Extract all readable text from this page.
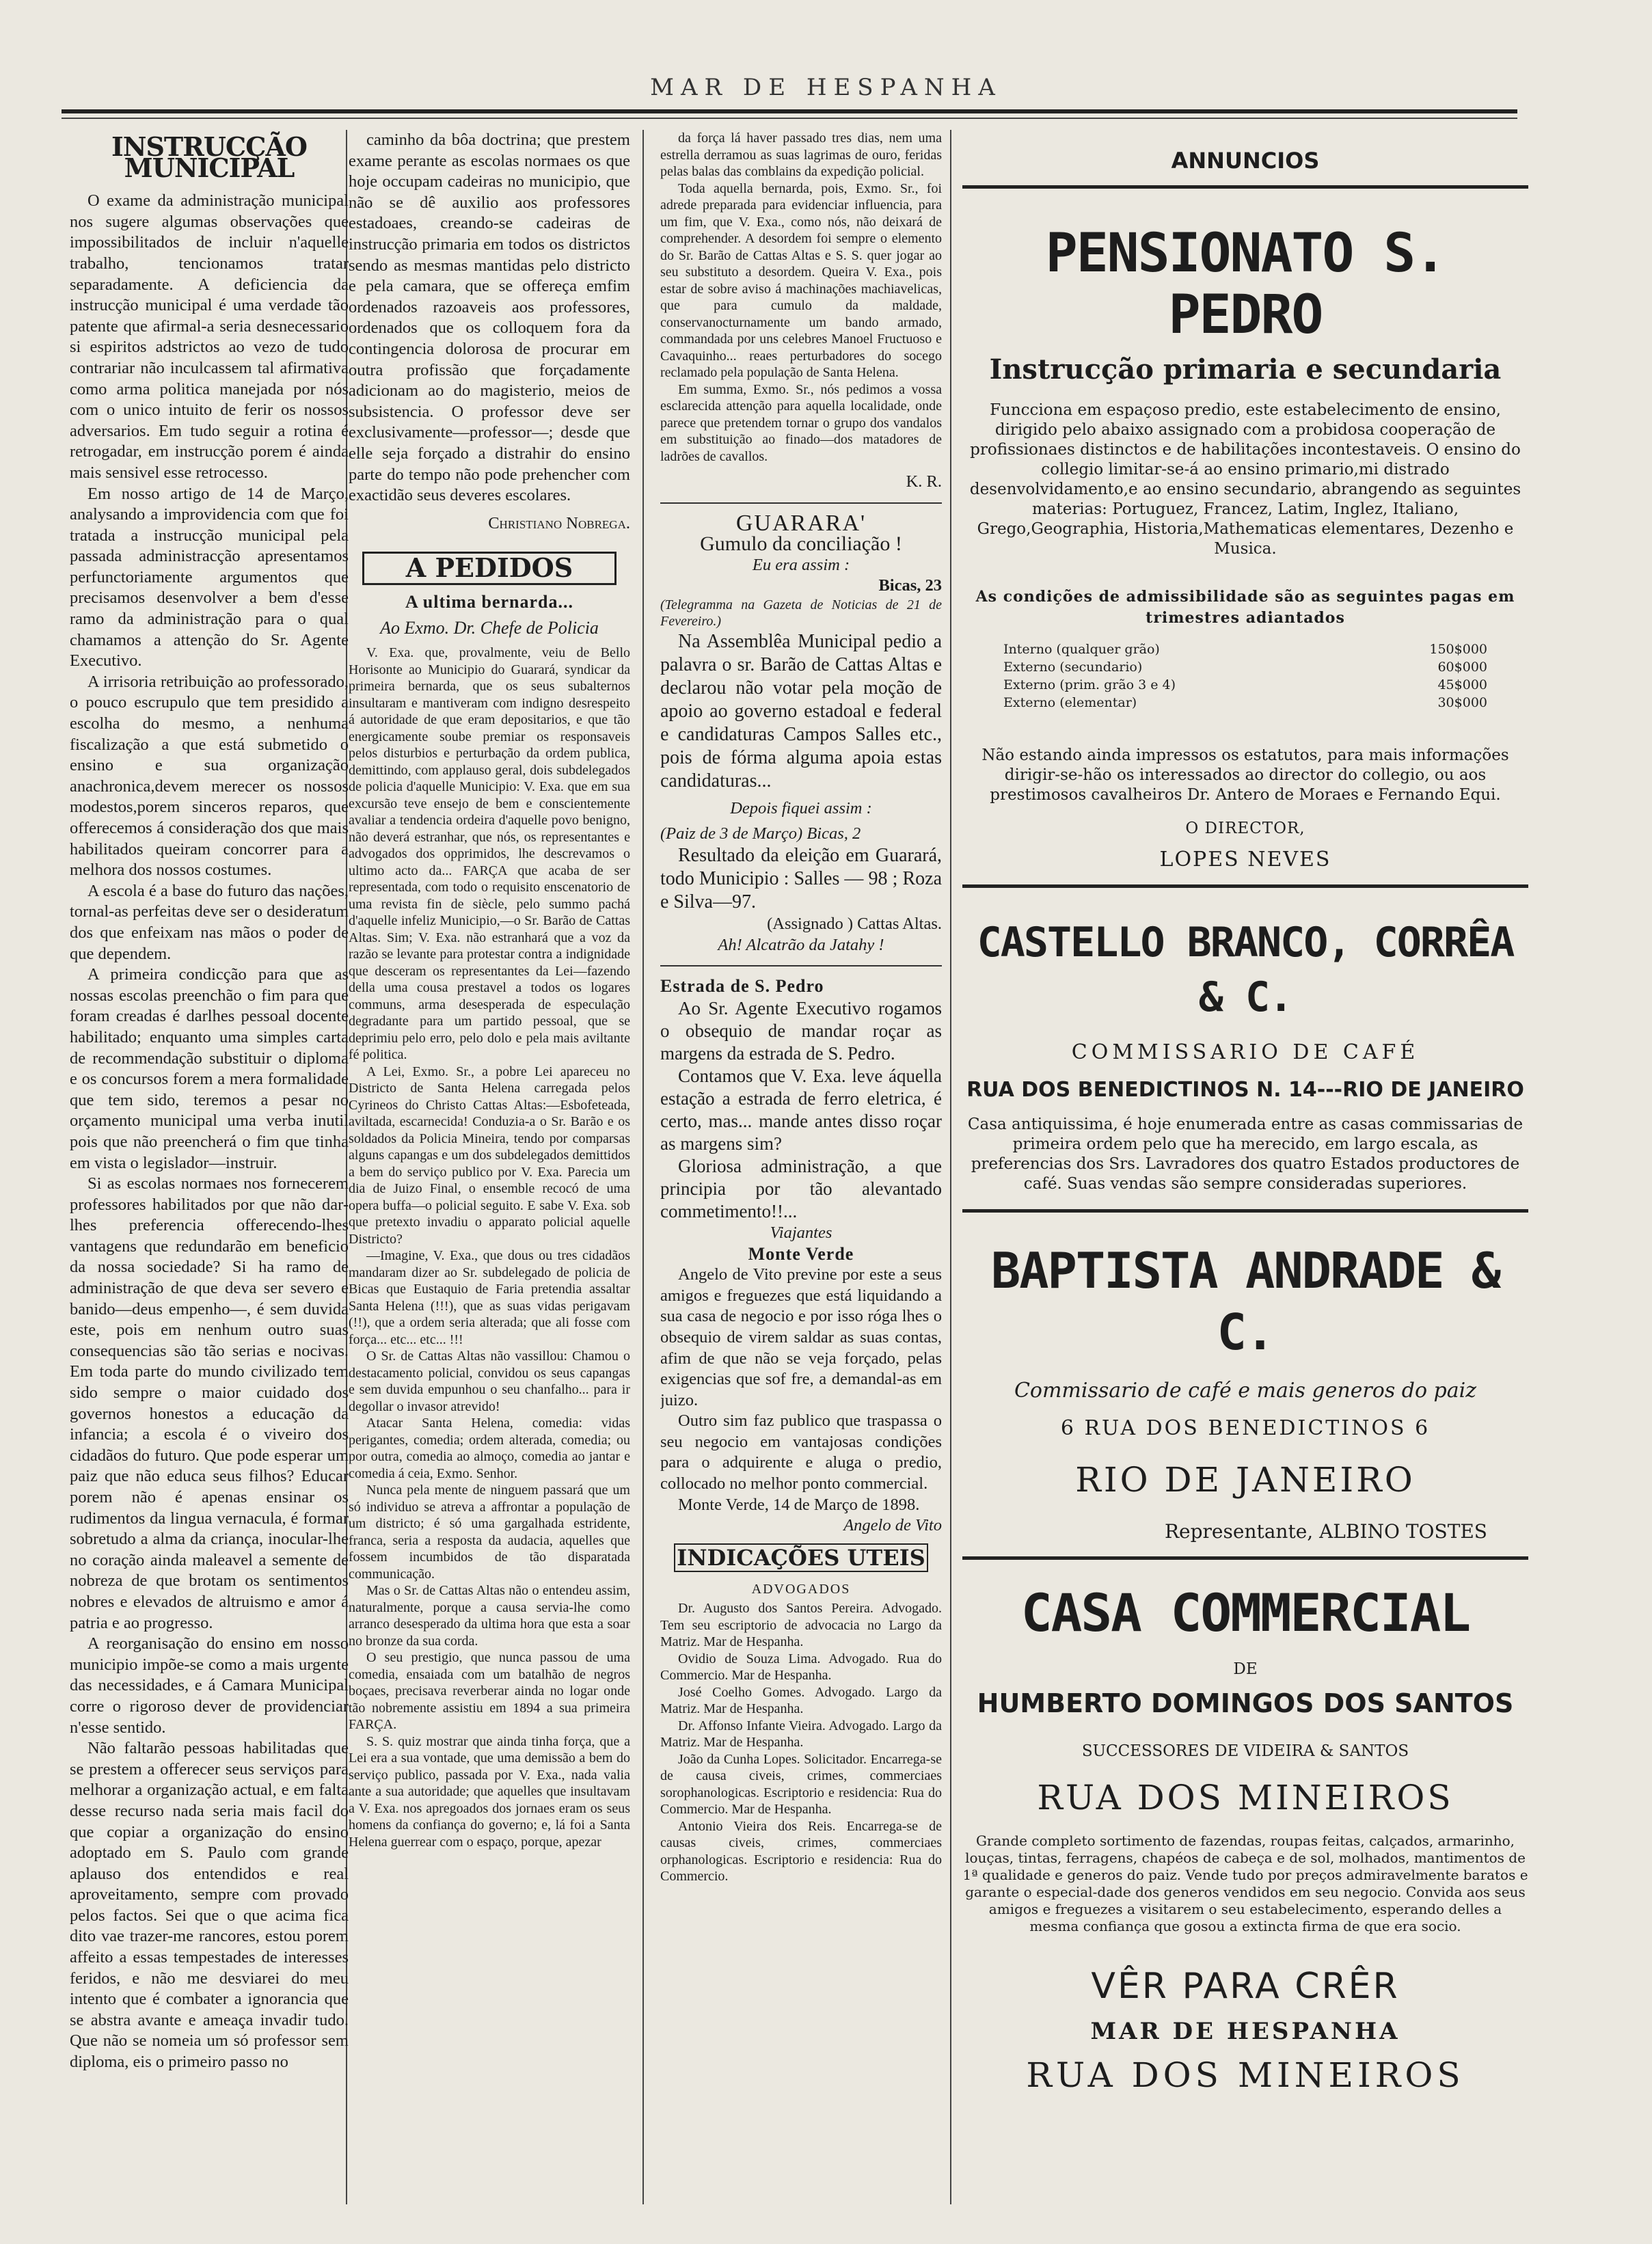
MAR DE HESPANHA
INSTRUCÇÃO MUNICIPAL

O exame da administração municipal nos sugere algumas observações que impossibilitados de incluir n'aquelle trabalho, tencionamos tratar separadamente. A deficiencia da instrucção municipal é uma verdade tão patente que afirmal-a seria desnecessario si espiritos adstrictos ao vezo de tudo contrariar não inculcassem tal afirmativa como arma politica manejada por nós com o unico intuito de ferir os nossos adversarios. Em tudo seguir a rotina é retrogadar, em instrucção porem é ainda mais sensivel esse retrocesso.

Em nosso artigo de 14 de Março, analysando a improvidencia com que foi tratada a instrucção municipal pela passada administracção apresentamos perfunctoriamente argumentos que precisamos desenvolver a bem d'esse ramo da administração para o qual chamamos a attenção do Sr. Agente Executivo.

A irrisoria retribuição ao professorado, o pouco escrupulo que tem presidido a escolha do mesmo, a nenhuma fiscalização a que está submetido o ensino e sua organização anachronica,devem merecer os nossos modestos,porem sinceros reparos, que offerecemos á consideração dos que mais habilitados queiram concorrer para a melhora dos nossos costumes.

A escola é a base do futuro das nações, tornal-as perfeitas deve ser o desideratum dos que enfeixam nas mãos o poder de que dependem.

A primeira condicção para que as nossas escolas preenchão o fim para que foram creadas é darlhes pessoal docente habilitado; enquanto uma simples carta de recommendação substituir o diploma e os concursos forem a mera formalidade que tem sido, teremos a pesar no orçamento municipal uma verba inutil pois que não preencherá o fim que tinha em vista o legislador—instruir.

Si as escolas normaes nos fornecerem professores habilitados por que não dar-lhes preferencia offerecendo-lhes vantagens que redundarão em beneficio da nossa sociedade? Si ha ramo de administração de que deva ser severo e banido—deus empenho—, é sem duvida este, pois em nenhum outro suas consequencias são tão serias e nocivas. Em toda parte do mundo civilizado tem sido sempre o maior cuidado dos governos honestos a educação da infancia; a escola é o viveiro dos cidadãos do futuro. Que pode esperar um paiz que não educa seus filhos? Educar porem não é apenas ensinar os rudimentos da lingua vernacula, é formar sobretudo a alma da criança, inocular-lhe no coração ainda maleavel a semente de nobreza de que brotam os sentimentos nobres e elevados de altruismo e amor á patria e ao progresso.

A reorganisação do ensino em nosso municipio impõe-se como a mais urgente das necessidades, e á Camara Municipal corre o rigoroso dever de providenciar n'esse sentido.

Não faltarão pessoas habilitadas que se prestem a offerecer seus serviços para melhorar a organização actual, e em falta desse recurso nada seria mais facil do que copiar a organização do ensino adoptado em S. Paulo com grande aplauso dos entendidos e real aproveitamento, sempre com provado pelos factos. Sei que o que acima fica dito vae trazer-me rancores, estou porem affeito a essas tempestades de interesses feridos, e não me desviarei do meu intento que é combater a ignorancia que se abstra avante e ameaça invadir tudo. Que não se nomeia um só professor sem diploma, eis o primeiro passo no

caminho da bôa doctrina; que prestem exame perante as escolas normaes os que hoje occupam cadeiras no municipio, que não se dê auxilio aos professores estadoaes, creando-se cadeiras de instrucção primaria em todos os districtos sendo as mesmas mantidas pelo districto e pela camara, que se offereça emfim ordenados razoaveis aos professores, ordenados que os colloquem fora da contingencia dolorosa de procurar em outra profissão que forçadamente adicionam ao do magisterio, meios de subsistencia. O professor deve ser exclusivamente—professor—; desde que elle seja forçado a distrahir do ensino parte do tempo não pode prehencher com exactidão seus deveres escolares.

Christiano Nobrega.
A PEDIDOS
A ultima bernarda...
Ao Exmo. Dr. Chefe de Policia

V. Exa. que, provalmente, veiu de Bello Horisonte ao Municipio do Guarará, syndicar da primeira bernarda, que os seus subalternos insultaram e mantiveram com indigno desrespeito á autoridade de que eram depositarios, e que tão energicamente soube premiar os responsaveis pelos disturbios e perturbação da ordem publica, demittindo, com applauso geral, dois subdelegados de policia d'aquelle Municipio: V. Exa. que em sua excursão teve ensejo de bem e conscientemente avaliar a tendencia ordeira d'aquelle povo benigno, não deverá estranhar, que nós, os representantes e advogados dos opprimidos, lhe descrevamos o ultimo acto da... FARÇA que acaba de ser representada, com todo o requisito enscenatorio de uma revista fin de siècle, pelo summo pachá d'aquelle infeliz Municipio,—o Sr. Barão de Cattas Altas. Sim; V. Exa. não estranhará que a voz da razão se levante para protestar contra a indignidade que desceram os representantes da Lei—fazendo della uma cousa prestavel a todos os logares communs, arma desesperada de especulação degradante para um partido pessoal, que se deprimiu pelo erro, pelo dolo e pela mais aviltante fé politica.

A Lei, Exmo. Sr., a pobre Lei apareceu no Districto de Santa Helena carregada pelos Cyrineos do Christo Cattas Altas:—Esbofeteada, aviltada, escarnecida! Conduzia-a o Sr. Barão e os soldados da Policia Mineira, tendo por comparsas alguns capangas e um dos subdelegados demittidos a bem do serviço publico por V. Exa. Parecia um dia de Juizo Final, o ensemble recocó de uma opera buffa—o policial seguito. E sabe V. Exa. sob que pretexto invadiu o apparato policial aquelle Districto?

—Imagine, V. Exa., que dous ou tres cidadãos mandaram dizer ao Sr. subdelegado de policia de Bicas que Eustaquio de Faria pretendia assaltar Santa Helena (!!!), que as suas vidas perigavam (!!), que a ordem seria alterada; que ali fosse com força... etc... etc... !!!

O Sr. de Cattas Altas não vassillou: Chamou o destacamento policial, convidou os seus capangas e sem duvida empunhou o seu chanfalho... para ir degollar o invasor atrevido!

Atacar Santa Helena, comedia: vidas perigantes, comedia; ordem alterada, comedia; ou por outra, comedia ao almoço, comedia ao jantar e comedia á ceia, Exmo. Senhor.

Nunca pela mente de ninguem passará que um só individuo se atreva a affrontar a população de um districto; é só uma gargalhada estridente, franca, seria a resposta da audacia, aquelles que fossem incumbidos de tão disparatada communicação.

Mas o Sr. de Cattas Altas não o entendeu assim, naturalmente, porque a causa servia-lhe como arranco desesperado da ultima hora que esta a soar no bronze da sua corda.

O seu prestigio, que nunca passou de uma comedia, ensaiada com um batalhão de negros boçaes, precisava reverberar ainda no logar onde tão nobremente assistiu em 1894 a sua primeira FARÇA.

S. S. quiz mostrar que ainda tinha força, que a Lei era a sua vontade, que uma demissão a bem do serviço publico, passada por V. Exa., nada valia ante a sua autoridade; que aquelles que insultavam a V. Exa. nos apregoados dos jornaes eram os seus homens da confiança do governo; e, lá foi a Santa Helena guerrear com o espaço, porque, apezar

da força lá haver passado tres dias, nem uma estrella derramou as suas lagrimas de ouro, feridas pelas balas das comblains da expedição policial.

Toda aquella bernarda, pois, Exmo. Sr., foi adrede preparada para evidenciar influencia, para um fim, que V. Exa., como nós, não deixará de comprehender. A desordem foi sempre o elemento do Sr. Barão de Cattas Altas e S. S. quer jogar ao seu substituto a desordem. Queira V. Exa., pois estar de sobre aviso á machinações machiavelicas, que para cumulo da maldade, conservanocturnamente um bando armado, commandada por uns celebres Manoel Fructuoso e Cavaquinho... reaes perturbadores do socego reclamado pela população de Santa Helena.

Em summa, Exmo. Sr., nós pedimos a vossa esclarecida attenção para aquella localidade, onde parece que pretendem tornar o grupo dos vandalos em substituição ao finado—dos matadores de ladrões de cavallos.

K. R.
GUARARA'
Gumulo da conciliação !
Eu era assim :
Bicas, 23
(Telegramma na Gazeta de Noticias de 21 de Fevereiro.)

Na Assemblêa Municipal pedio a palavra o sr. Barão de Cattas Altas e declarou não votar pela moção de apoio ao governo estadoal e federal e candidaturas Campos Salles etc., pois de fórma alguma apoia estas candidaturas...

Depois fiquei assim :
(Paiz de 3 de Março) Bicas, 2

Resultado da eleição em Guarará, todo Municipio : Salles — 98 ; Roza e Silva—97.

(Assignado ) Cattas Altas.
Ah! Alcatrão da Jatahy !
Estrada de S. Pedro

Ao Sr. Agente Executivo rogamos o obsequio de mandar roçar as margens da estrada de S. Pedro.

Contamos que V. Exa. leve áquella estação a estrada de ferro eletrica, é certo, mas... mande antes disso roçar as margens sim?

Gloriosa administração, a que principia por tão alevantado commetimento!!...

Viajantes
Monte Verde

Angelo de Vito previne por este a seus amigos e freguezes que está liquidando a sua casa de negocio e por isso róga lhes o obsequio de virem saldar as suas contas, afim de que não se veja forçado, pelas exigencias que sof fre, a demandal-as em juizo.

Outro sim faz publico que traspassa o seu negocio em vantajosas condições para o adquirente e aluga o predio, collocado no melhor ponto commercial.

Monte Verde, 14 de Março de 1898.

Angelo de Vito
INDICAÇÕES UTEIS
ADVOGADOS

Dr. Augusto dos Santos Pereira. Advogado. Tem seu escriptorio de advocacia no Largo da Matriz. Mar de Hespanha.

Ovidio de Souza Lima. Advogado. Rua do Commercio. Mar de Hespanha.

José Coelho Gomes. Advogado. Largo da Matriz. Mar de Hespanha.

Dr. Affonso Infante Vieira. Advogado. Largo da Matriz. Mar de Hespanha.

João da Cunha Lopes. Solicitador. Encarrega-se de causa civeis, crimes, commerciaes sorophanologicas. Escriptorio e residencia: Rua do Commercio. Mar de Hespanha.

Antonio Vieira dos Reis. Encarrega-se de causas civeis, crimes, commerciaes orphanologicas. Escriptorio e residencia: Rua do Commercio.

ANNUNCIOS
PENSIONATO S. PEDRO
Instrucção primaria e secundaria
Funcciona em espaçoso predio, este estabelecimento de ensino, dirigido pelo abaixo assignado com a probidosa cooperação de profissionaes distinctos e de habilitações incontestaveis. O ensino do collegio limitar-se-á ao ensino primario,mi distrado desenvolvidamento,e ao ensino secundario, abrangendo as seguintes materias: Portuguez, Francez, Latim, Inglez, Italiano, Grego,Geographia, Historia,Mathematicas elementares, Dezenho e Musica.
As condições de admissibilidade são as seguintes pagas em trimestres adiantados
Interno (qualquer grão)	150$000
Externo (secundario)	60$000
Externo (prim. grão 3 e 4)	45$000
Externo (elementar)	30$000
Não estando ainda impressos os estatutos, para mais informações dirigir-se-hão os interessados ao director do collegio, ou aos prestimosos cavalheiros Dr. Antero de Moraes e Fernando Equi.
O DIRECTOR,
LOPES NEVES
CASTELLO BRANCO, CORRÊA & C.
COMMISSARIO DE CAFÉ
RUA DOS BENEDICTINOS N. 14---RIO DE JANEIRO
Casa antiquissima, é hoje enumerada entre as casas commissarias de primeira ordem pelo que ha merecido, em largo escala, as preferencias dos Srs. Lavradores dos quatro Estados productores de café. Suas vendas são sempre consideradas superiores.
BAPTISTA ANDRADE & C.
Commissario de café e mais generos do paiz
6 RUA DOS BENEDICTINOS 6
RIO DE JANEIRO
Representante, ALBINO TOSTES
CASA COMMERCIAL
DE
HUMBERTO DOMINGOS DOS SANTOS
SUCCESSORES DE VIDEIRA & SANTOS
RUA DOS MINEIROS
Grande completo sortimento de fazendas, roupas feitas, calçados, armarinho, louças, tintas, ferragens, chapéos de cabeça e de sol, molhados, mantimentos de 1ª qualidade e generos do paiz. Vende tudo por preços admiravelmente baratos e garante o especial-dade dos generos vendidos em seu negocio. Convida aos seus amigos e freguezes a visitarem o seu estabelecimento, esperando delles a mesma confiança que gosou a extincta firma de que era socio.
VÊR PARA CRÊR
MAR DE HESPANHA
RUA DOS MINEIROS
